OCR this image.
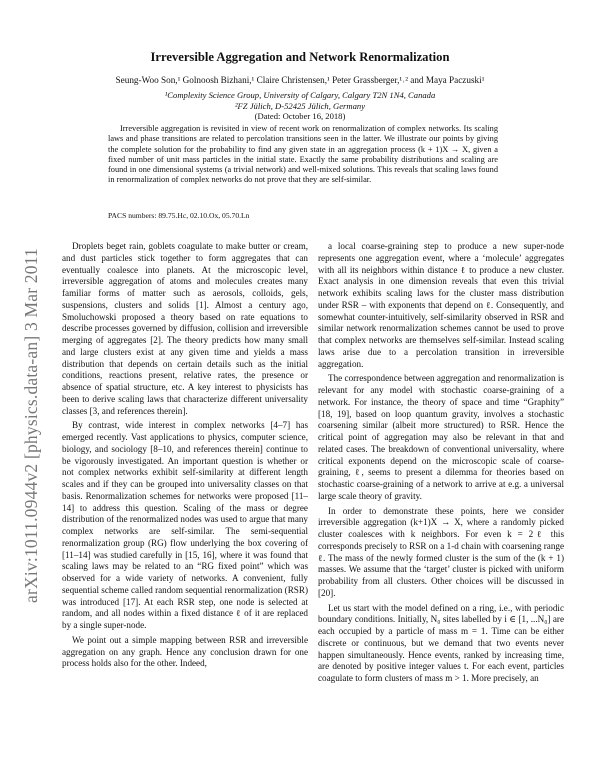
arXiv:1011.0944v2 [physics.data-an] 3 Mar 2011
Irreversible Aggregation and Network Renormalization
Seung-Woo Son,¹ Golnoosh Bizhani,¹ Claire Christensen,¹ Peter Grassberger,¹˒² and Maya Paczuski¹
¹Complexity Science Group, University of Calgary, Calgary T2N 1N4, Canada
²FZ Jülich, D-52425 Jülich, Germany
(Dated: October 16, 2018)

Irreversible aggregation is revisited in view of recent work on renormalization of complex networks. Its scaling laws and phase transitions are related to percolation transitions seen in the latter. We illustrate our points by giving the complete solution for the probability to find any given state in an aggregation process (k + 1)X → X, given a fixed number of unit mass particles in the initial state. Exactly the same probability distributions and scaling are found in one dimensional systems (a trivial network) and well-mixed solutions. This reveals that scaling laws found in renormalization of complex networks do not prove that they are self-similar.

PACS numbers: 89.75.Hc, 02.10.Ox, 05.70.Ln

Droplets beget rain, goblets coagulate to make butter or cream, and dust particles stick together to form aggregates that can eventually coalesce into planets. At the microscopic level, irreversible aggregation of atoms and molecules creates many familiar forms of matter such as aerosols, colloids, gels, suspensions, clusters and solids [1]. Almost a century ago, Smoluchowski proposed a theory based on rate equations to describe processes governed by diffusion, collision and irreversible merging of aggregates [2]. The theory predicts how many small and large clusters exist at any given time and yields a mass distribution that depends on certain details such as the initial conditions, reactions present, relative rates, the presence or absence of spatial structure, etc. A key interest to physicists has been to derive scaling laws that characterize different universality classes [3, and references therein].

By contrast, wide interest in complex networks [4–7] has emerged recently. Vast applications to physics, computer science, biology, and sociology [8–10, and references therein] continue to be vigorously investigated. An important question is whether or not complex networks exhibit self-similarity at different length scales and if they can be grouped into universality classes on that basis. Renormalization schemes for networks were proposed [11–14] to address this question. Scaling of the mass or degree distribution of the renormalized nodes was used to argue that many complex networks are self-similar. The semi-sequential renormalization group (RG) flow underlying the box covering of [11–14] was studied carefully in [15, 16], where it was found that scaling laws may be related to an “RG fixed point” which was observed for a wide variety of networks. A convenient, fully sequential scheme called random sequential renormalization (RSR) was introduced [17]. At each RSR step, one node is selected at random, and all nodes within a fixed distance ℓ of it are replaced by a single super-node.

We point out a simple mapping between RSR and irreversible aggregation on any graph. Hence any conclusion drawn for one process holds also for the other. Indeed,

a local coarse-graining step to produce a new super-node represents one aggregation event, where a ‘molecule’ aggregates with all its neighbors within distance ℓ to produce a new cluster. Exact analysis in one dimension reveals that even this trivial network exhibits scaling laws for the cluster mass distribution under RSR – with exponents that depend on ℓ. Consequently, and somewhat counter-intuitively, self-similarity observed in RSR and similar network renormalization schemes cannot be used to prove that complex networks are themselves self-similar. Instead scaling laws arise due to a percolation transition in irreversible aggregation.

The correspondence between aggregation and renormalization is relevant for any model with stochastic coarse-graining of a network. For instance, the theory of space and time “Graphity” [18, 19], based on loop quantum gravity, involves a stochastic coarsening similar (albeit more structured) to RSR. Hence the critical point of aggregation may also be relevant in that and related cases. The breakdown of conventional universality, where critical exponents depend on the microscopic scale of coarse-graining, ℓ, seems to present a dilemma for theories based on stochastic coarse-graining of a network to arrive at e.g. a universal large scale theory of gravity.

In order to demonstrate these points, here we consider irreversible aggregation (k+1)X → X, where a randomly picked cluster coalesces with k neighbors. For even k = 2ℓ this corresponds precisely to RSR on a 1-d chain with coarsening range ℓ. The mass of the newly formed cluster is the sum of the (k + 1) masses. We assume that the ‘target’ cluster is picked with uniform probability from all clusters. Other choices will be discussed in [20].

Let us start with the model defined on a ring, i.e., with periodic boundary conditions. Initially, N₀ sites labelled by i ∈ [1, ...N₀] are each occupied by a particle of mass m = 1. Time can be either discrete or continuous, but we demand that two events never happen simultaneously. Hence events, ranked by increasing time, are denoted by positive integer values t. For each event, particles coagulate to form clusters of mass m > 1. More precisely, an
